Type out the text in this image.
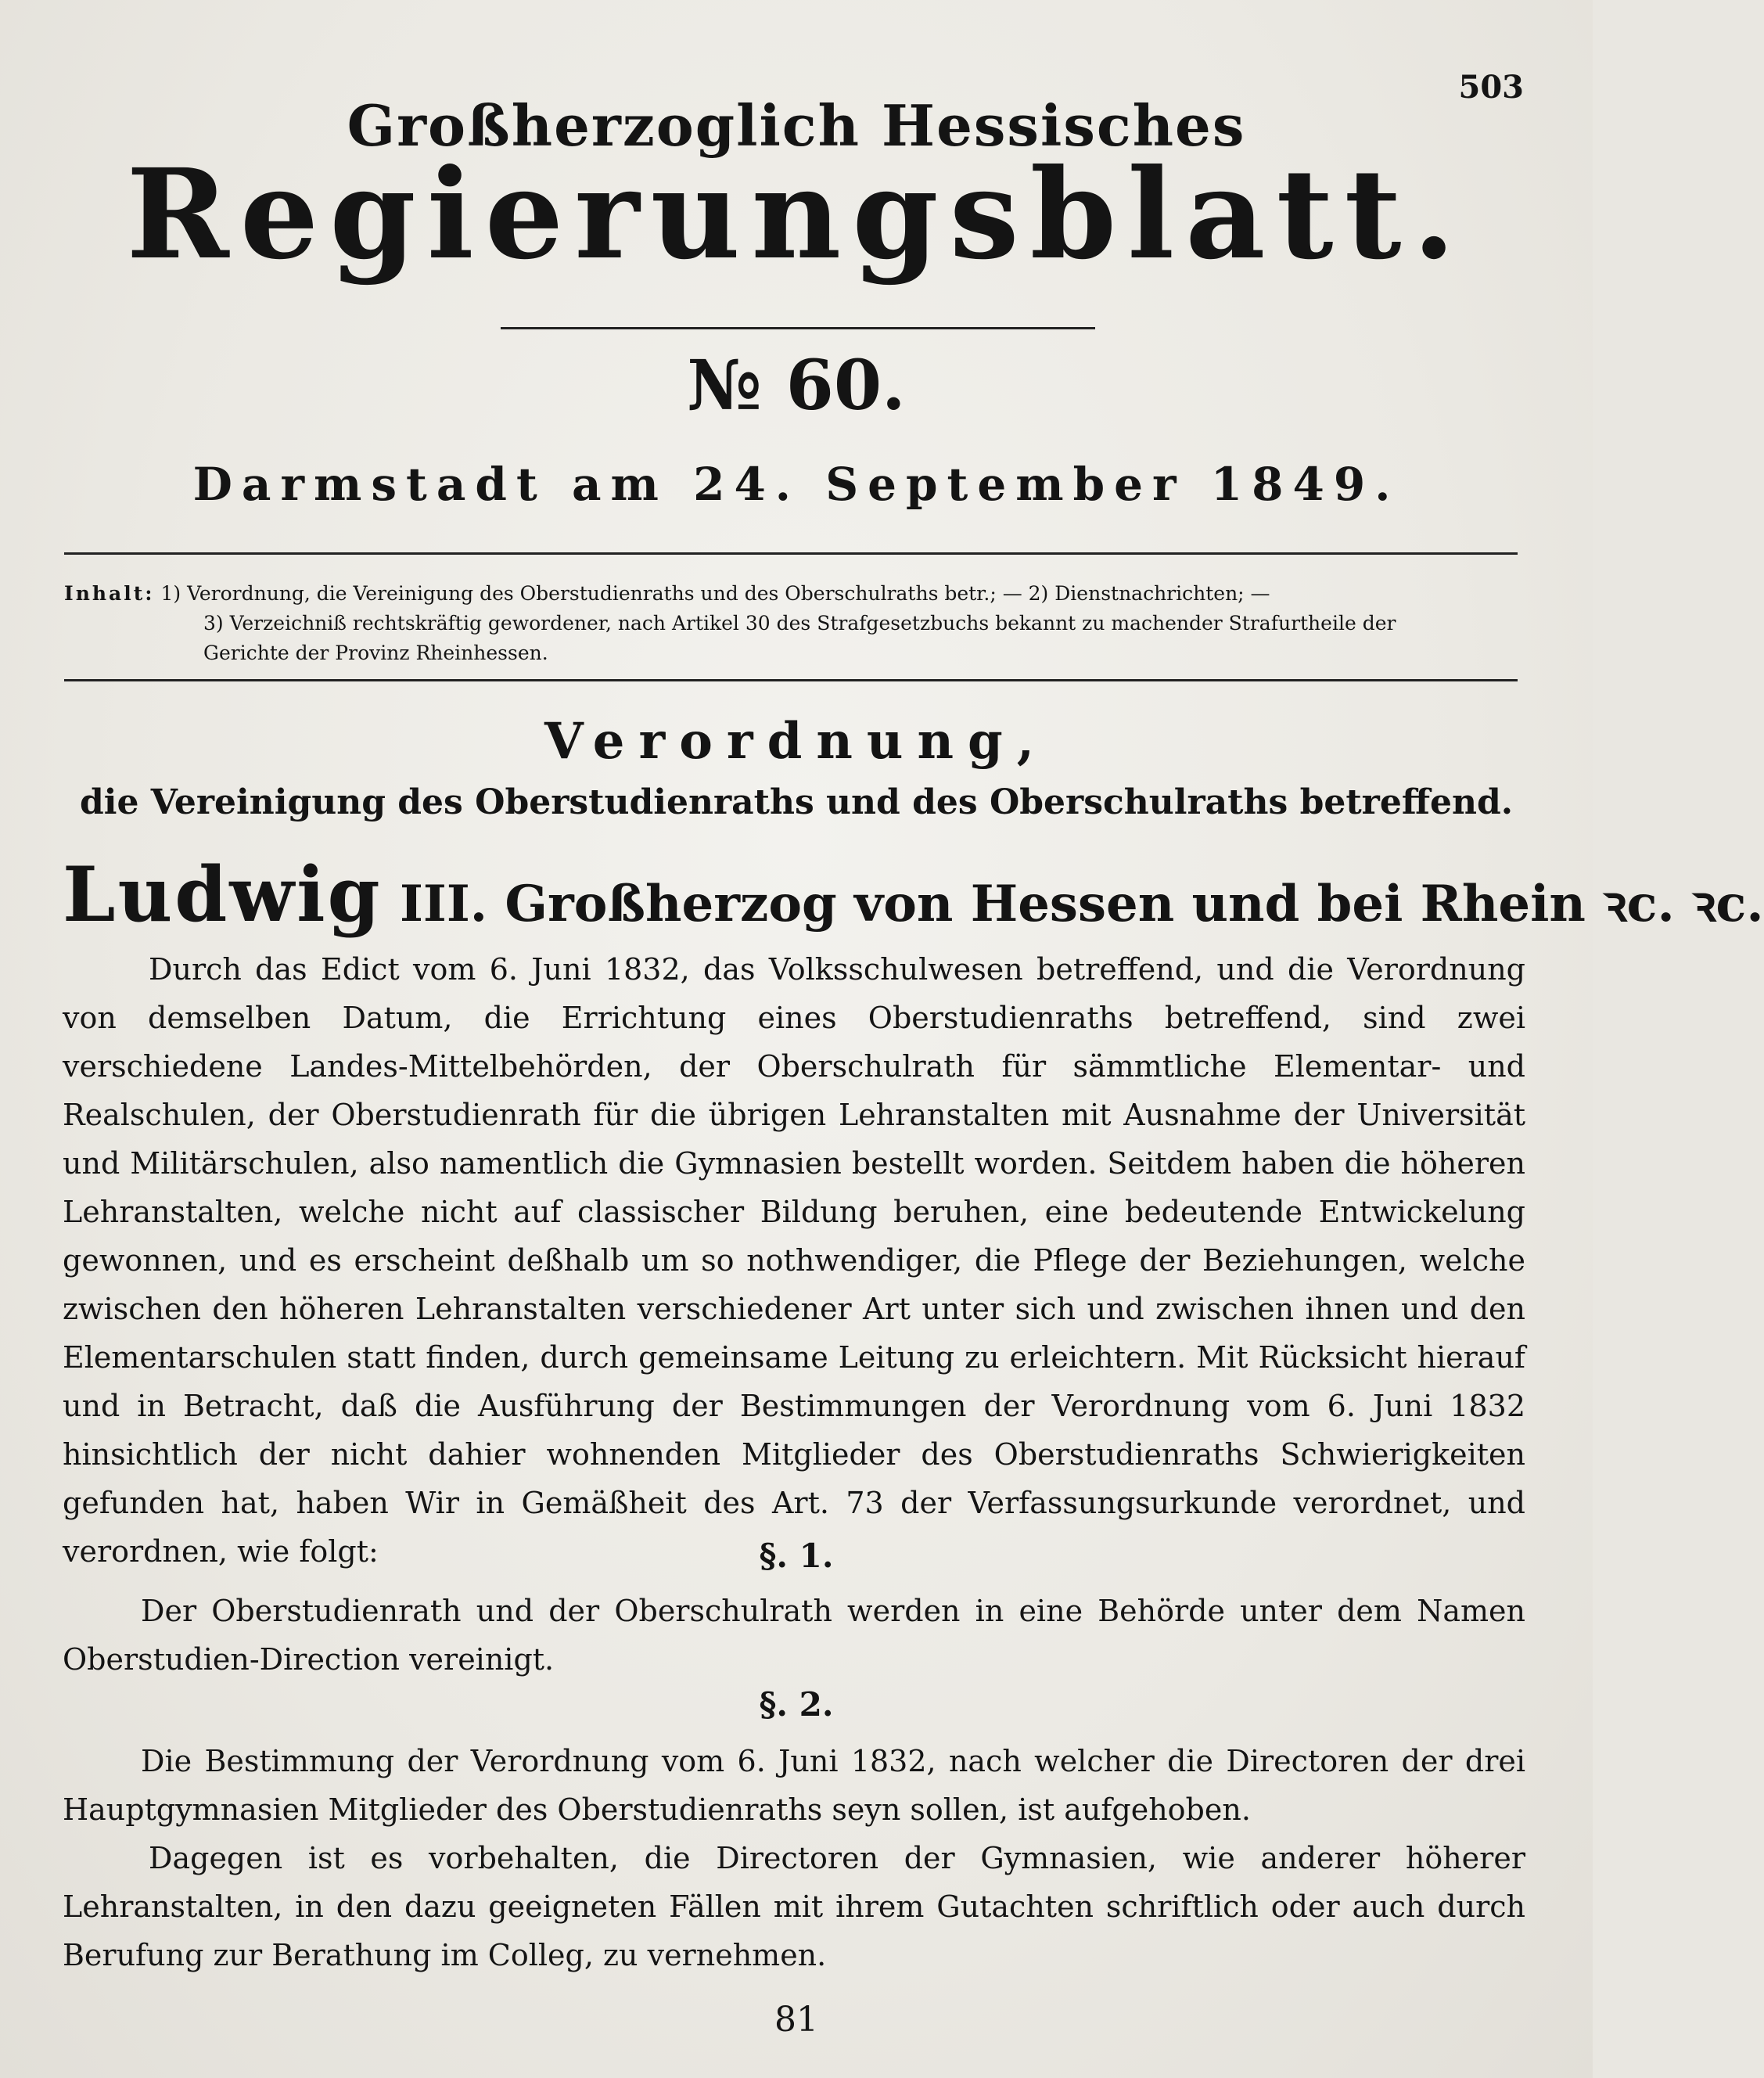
503
Großherzoglich Hessisches
Regierungsblatt.
№ 60.
Darmstadt am 24. September 1849.
Inhalt: 1) Verordnung, die Vereinigung des Oberstudienraths und des Oberschulraths betr.; — 2) Dienstnachrichten; —
3) Verzeichniß rechtskräftig gewordener, nach Artikel 30 des Strafgesetzbuchs bekannt zu machender Strafurtheile der
Gerichte der Provinz Rheinhessen.
Verordnung,
die Vereinigung des Oberstudienraths und des Oberschulraths betreffend.
Ludwig III. Großherzog von Hessen und bei Rhein ꝛc. ꝛc.

Durch das Edict vom 6. Juni 1832, das Volksschulwesen betreffend, und die Verordnung von demselben Datum, die Errichtung eines Oberstudienraths betreffend, sind zwei verschiedene Landes-Mittelbehörden, der Oberschulrath für sämmtliche Elementar- und Realschulen, der Oberstudienrath für die übrigen Lehranstalten mit Ausnahme der Universität und Militärschulen, also namentlich die Gymnasien bestellt worden. Seitdem haben die höheren Lehranstalten, welche nicht auf classischer Bildung beruhen, eine bedeutende Entwickelung gewonnen, und es erscheint deßhalb um so nothwendiger, die Pflege der Beziehungen, welche zwischen den höheren Lehranstalten verschiedener Art unter sich und zwischen ihnen und den Elementarschulen statt finden, durch gemeinsame Leitung zu erleichtern. Mit Rücksicht hierauf und in Betracht, daß die Ausführung der Bestimmungen der Verordnung vom 6. Juni 1832 hinsichtlich der nicht dahier wohnenden Mitglieder des Oberstudienraths Schwierigkeiten gefunden hat, haben Wir in Gemäßheit des Art. 73 der Verfassungsurkunde verordnet, und verordnen, wie folgt:	§. 1.

Der Oberstudienrath und der Oberschulrath werden in eine Behörde unter dem Namen Oberstudien-Direction vereinigt.

§. 2.

Die Bestimmung der Verordnung vom 6. Juni 1832, nach welcher die Directoren der drei Hauptgymnasien Mitglieder des Oberstudienraths seyn sollen, ist aufgehoben.

Dagegen ist es vorbehalten, die Directoren der Gymnasien, wie anderer höherer Lehranstalten, in den dazu geeigneten Fällen mit ihrem Gutachten schriftlich oder auch durch Berufung zur Berathung im Colleg, zu vernehmen.

81
